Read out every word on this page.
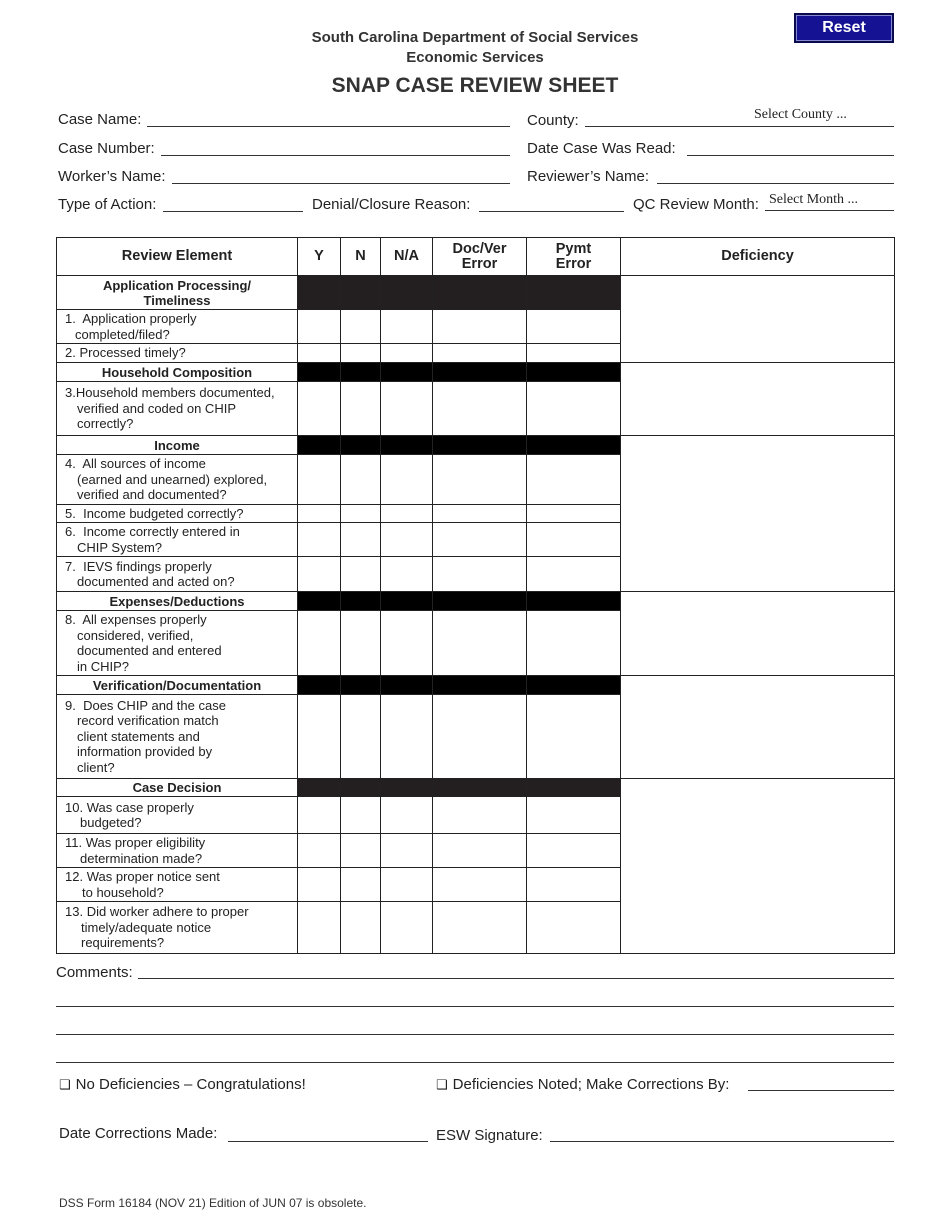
South Carolina Department of Social Services
Economic Services
SNAP CASE REVIEW SHEET
Reset
Case Name:	County:	Select County ...
Case Number:	Date Case Was Read:
Worker’s Name:	Reviewer’s Name:
Type of Action:	Denial/Closure Reason:	QC Review Month: Select Month ...
Review Element	Y	N	N/A	Doc/Ver Error	Pymt Error	Deficiency
Application Processing/ Timeliness						
1. Application properly
completed/filed?						

2. Processed timely?						
Household Composition						
3.Household members documented,
verified and coded on CHIP
correctly?						

Income						
4. All sources of income
(earned and unearned) explored,
verified and documented?						

5. Income budgeted correctly?						
6. Income correctly entered in
CHIP System?						

7. IEVS findings properly
documented and acted on?						

Expenses/Deductions						
8. All expenses properly
considered, verified,
documented and entered
in CHIP?						

Verification/Documentation						
9. Does CHIP and the case
record verification match
client statements and
information provided by
client?						

Case Decision						
10. Was case properly
budgeted?						

11. Was proper eligibility
determination made?						

12. Was proper notice sent
to household?						

13. Did worker adhere to proper
timely/adequate notice
requirements?						

Comments:
❑ No Deficiencies – Congratulations!	❑ Deficiencies Noted; Make Corrections By:
Date Corrections Made:	ESW Signature:
DSS Form 16184 (NOV 21) Edition of JUN 07 is obsolete.
